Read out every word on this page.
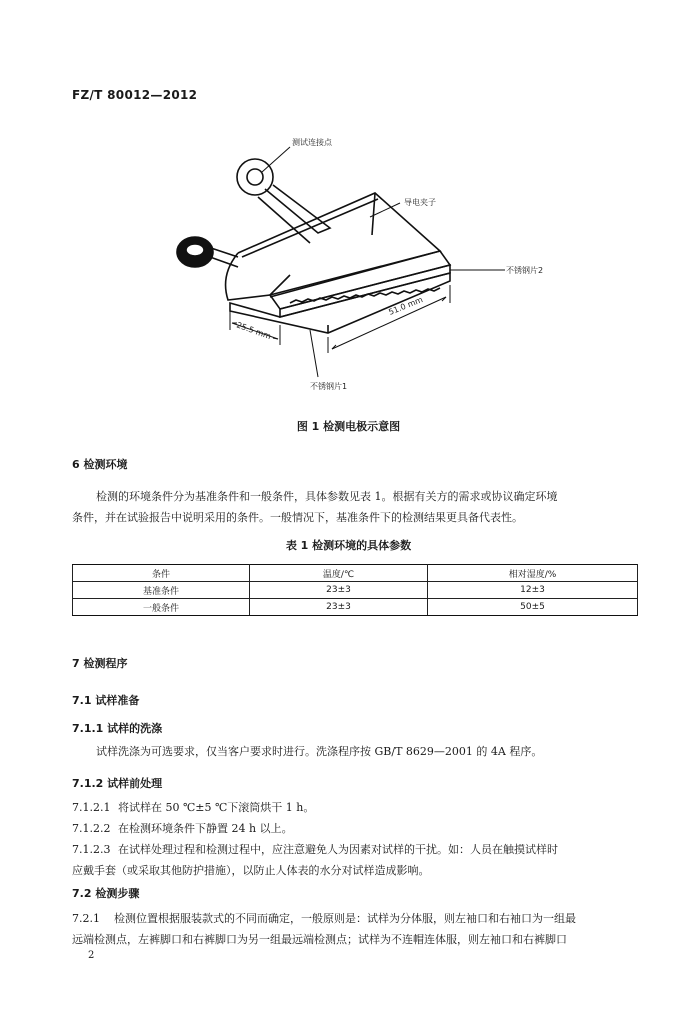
FZ/T 80012—2012
测试连接点
导电夹子
不锈钢片2
不锈钢片1
25.5 mm
51.0 mm
图 1 检测电极示意图
6 检测环境
检测的环境条件分为基准条件和一般条件，具体参数见表 1。根据有关方的需求或协议确定环境
条件，并在试验报告中说明采用的条件。一般情况下，基准条件下的检测结果更具备代表性。
表 1 检测环境的具体参数
条件	温度/℃	相对湿度/%
基准条件	23±3	12±3
一般条件	23±3	50±5
7 检测程序
7.1 试样准备
7.1.1 试样的洗涤
试样洗涤为可选要求，仅当客户要求时进行。洗涤程序按 GB/T 8629—2001 的 4A 程序。
7.1.2 试样前处理
7.1.2.1 将试样在 50 ℃±5 ℃下滚筒烘干 1 h。
7.1.2.2 在检测环境条件下静置 24 h 以上。
7.1.2.3 在试样处理过程和检测过程中，应注意避免人为因素对试样的干扰。如：人员在触摸试样时
应戴手套（或采取其他防护措施），以防止人体表的水分对试样造成影响。
7.2 检测步骤
7.2.1 检测位置根据服装款式的不同而确定，一般原则是：试样为分体服，则左袖口和右袖口为一组最
远端检测点，左裤脚口和右裤脚口为另一组最远端检测点；试样为不连帽连体服，则左袖口和右裤脚口
2
